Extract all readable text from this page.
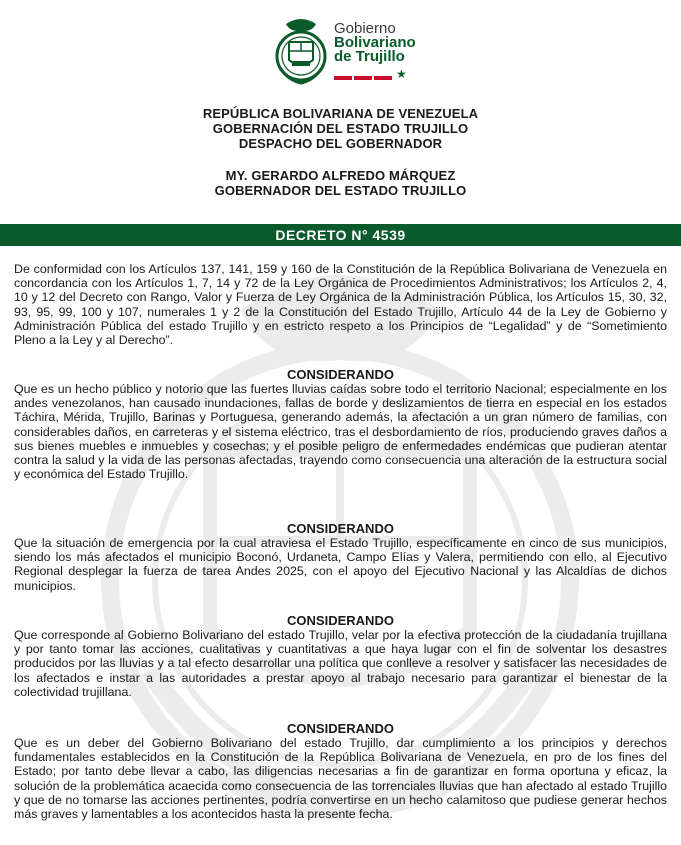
Gobierno
Bolivariano
de Trujillo
★
REPÚBLICA BOLIVARIANA DE VENEZUELA
GOBERNACIÓN DEL ESTADO TRUJILLO
DESPACHO DEL GOBERNADOR
MY. GERARDO ALFREDO MÁRQUEZ
GOBERNADOR DEL ESTADO TRUJILLO
DECRETO N° 4539
De conformidad con los Artículos 137, 141, 159 y 160 de la Constitución de la República Bolivariana de Venezuela en concordancia con los Artículos 1, 7, 14 y 72 de la Ley Orgánica de Procedimientos Administrativos; los Artículos 2, 4, 10 y 12 del Decreto con Rango, Valor y Fuerza de Ley Orgánica de la Administración Pública, los Artículos 15, 30, 32, 93, 95, 99, 100 y 107, numerales 1 y 2 de la Constitución del Estado Trujillo, Artículo 44 de la Ley de Gobierno y Administración Pública del estado Trujillo y en estricto respeto a los Principios de “Legalidad” y de “Sometimiento Pleno a la Ley y al Derecho”.
CONSIDERANDO
Que es un hecho público y notorio que las fuertes lluvias caídas sobre todo el territorio Nacional; especialmente en los andes venezolanos, han causado inundaciones, fallas de borde y deslizamientos de tierra en especial en los estados Táchira, Mérida, Trujillo, Barinas y Portuguesa, generando además, la afectación a un gran número de familias, con considerables daños, en carreteras y el sistema eléctrico, tras el desbordamiento de ríos, produciendo graves daños a sus bienes muebles e inmuebles y cosechas; y el posible peligro de enfermedades endémicas que pudieran atentar contra la salud y la vida de las personas afectadas, trayendo como consecuencia una alteración de la estructura social y económica del Estado Trujillo.
CONSIDERANDO
Que la situación de emergencia por la cual atraviesa el Estado Trujillo, específicamente en cinco de sus municipios, siendo los más afectados el municipio Boconó, Urdaneta, Campo Elías y Valera, permitiendo con ello, al Ejecutivo Regional desplegar la fuerza de tarea Andes 2025, con el apoyo del Ejecutivo Nacional y las Alcaldías de dichos municipios.
CONSIDERANDO
Que corresponde al Gobierno Bolivariano del estado Trujillo, velar por la efectiva protección de la ciudadanía trujillana y por tanto tomar las acciones, cualitativas y cuantitativas a que haya lugar con el fin de solventar los desastres producidos por las lluvias y a tal efecto desarrollar una política que conlleve a resolver y satisfacer las necesidades de los afectados e instar a las autoridades a prestar apoyo al trabajo necesario para garantizar el bienestar de la colectividad trujillana.
CONSIDERANDO
Que es un deber del Gobierno Bolivariano del estado Trujillo, dar cumplimiento a los principios y derechos fundamentales establecidos en la Constitución de la República Bolivariana de Venezuela, en pro de los fines del Estado; por tanto debe llevar a cabo, las diligencias necesarias a fin de garantizar en forma oportuna y eficaz, la solución de la problemática acaecida como consecuencia de las torrenciales lluvias que han afectado al estado Trujillo y que de no tomarse las acciones pertinentes, podría convertirse en un hecho calamitoso que pudiese generar hechos más graves y lamentables a los acontecidos hasta la presente fecha.
